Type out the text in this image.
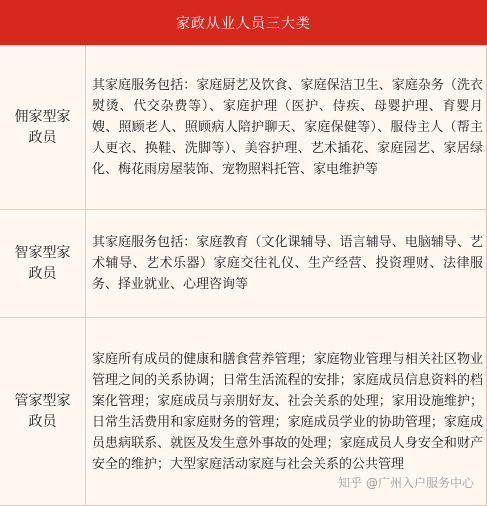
家政从业人员三大类
佣家型家政员
其家庭服务包括：家庭厨艺及饮食、家庭保洁卫生、家庭杂务（洗衣熨烫、代交杂费等）、家庭护理（医护、侍疾、母婴护理、育婴月嫂、照顾老人、照顾病人陪护聊天、家庭保健等）、服侍主人（帮主人更衣、换鞋、洗脚等）、美容护理、艺术插花、家庭园艺、家居绿化、梅花雨房屋装饰、宠物照料托管、家电维护等
智家型家政员
其家庭服务包括：家庭教育（文化课辅导、语言辅导、电脑辅导、艺术辅导、艺术乐器）家庭交往礼仪、生产经营、投资理财、法律服务、择业就业、心理咨询等
管家型家政员
家庭所有成员的健康和膳食营养管理；家庭物业管理与相关社区物业管理之间的关系协调；日常生活流程的安排；家庭成员信息资料的档案化管理；家庭成员与亲朋好友、社会关系的处理；家用设施维护；日常生活费用和家庭财务的管理；家庭成员学业的协助管理；家庭成员患病联系、就医及发生意外事故的处理；家庭成员人身安全和财产安全的维护；大型家庭活动家庭与社会关系的公共管理
知乎 @广州入户服务中心
